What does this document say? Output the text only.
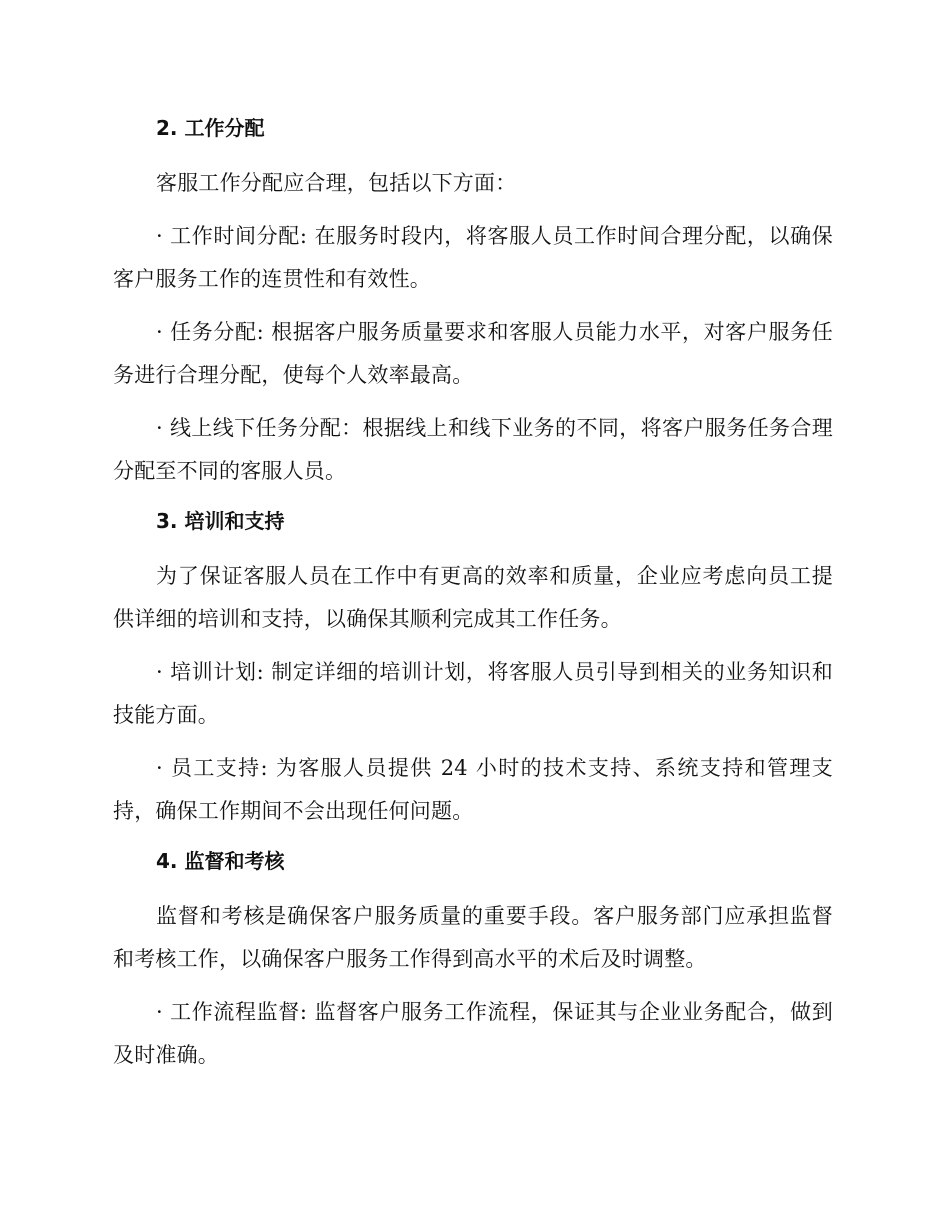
2. 工作分配
客服工作分配应合理，包括以下方面：
· 工作时间分配: 在服务时段内，将客服人员工作时间合理分配，以确保客户服务工作的连贯性和有效性。
· 任务分配: 根据客户服务质量要求和客服人员能力水平，对客户服务任务进行合理分配，使每个人效率最高。
· 线上线下任务分配：根据线上和线下业务的不同，将客户服务任务合理分配至不同的客服人员。
3. 培训和支持
为了保证客服人员在工作中有更高的效率和质量，企业应考虑向员工提供详细的培训和支持，以确保其顺利完成其工作任务。
· 培训计划: 制定详细的培训计划，将客服人员引导到相关的业务知识和技能方面。
· 员工支持: 为客服人员提供 24 小时的技术支持、系统支持和管理支持，确保工作期间不会出现任何问题。
4. 监督和考核
监督和考核是确保客户服务质量的重要手段。客户服务部门应承担监督和考核工作，以确保客户服务工作得到高水平的术后及时调整。
· 工作流程监督: 监督客户服务工作流程，保证其与企业业务配合，做到及时准确。
